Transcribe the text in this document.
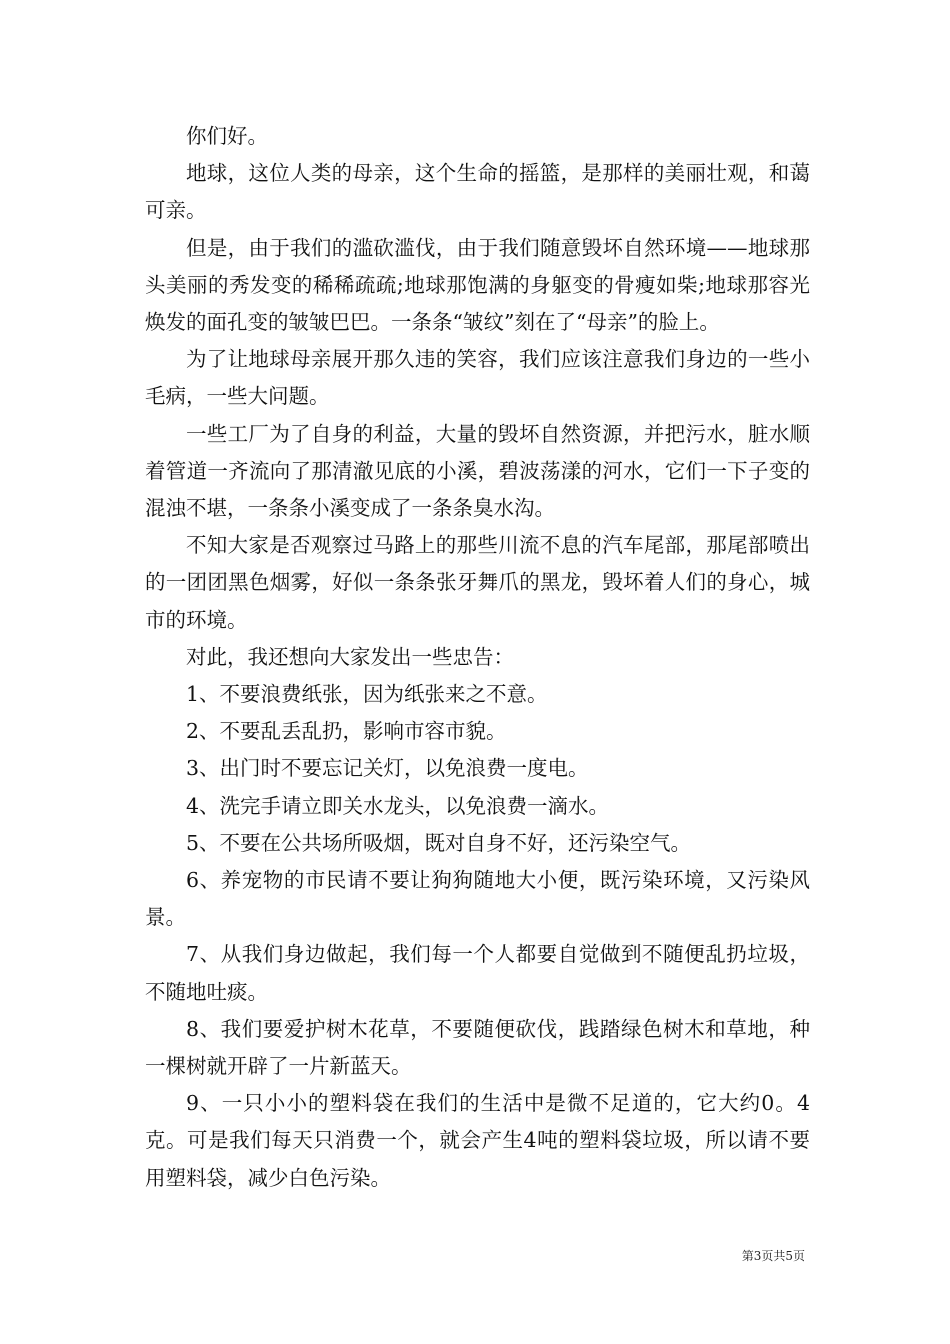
你们好。

地球，这位人类的母亲，这个生命的摇篮，是那样的美丽壮观，和蔼可亲。

但是，由于我们的滥砍滥伐，由于我们随意毁坏自然环境——地球那头美丽的秀发变的稀稀疏疏;地球那饱满的身躯变的骨瘦如柴;地球那容光焕发的面孔变的皱皱巴巴。一条条“皱纹”刻在了“母亲”的脸上。

为了让地球母亲展开那久违的笑容，我们应该注意我们身边的一些小毛病，一些大问题。

一些工厂为了自身的利益，大量的毁坏自然资源，并把污水，脏水顺着管道一齐流向了那清澈见底的小溪，碧波荡漾的河水，它们一下子变的混浊不堪，一条条小溪变成了一条条臭水沟。

不知大家是否观察过马路上的那些川流不息的汽车尾部，那尾部喷出的一团团黑色烟雾，好似一条条张牙舞爪的黑龙，毁坏着人们的身心，城市的环境。

对此，我还想向大家发出一些忠告：

1、不要浪费纸张，因为纸张来之不意。

2、不要乱丢乱扔，影响市容市貌。

3、出门时不要忘记关灯，以免浪费一度电。

4、洗完手请立即关水龙头，以免浪费一滴水。

5、不要在公共场所吸烟，既对自身不好，还污染空气。

6、养宠物的市民请不要让狗狗随地大小便，既污染环境，又污染风景。

7、从我们身边做起，我们每一个人都要自觉做到不随便乱扔垃圾，不随地吐痰。

8、我们要爱护树木花草，不要随便砍伐，践踏绿色树木和草地，种一棵树就开辟了一片新蓝天。

9、一只小小的塑料袋在我们的生活中是微不足道的，它大约0。4克。可是我们每天只消费一个，就会产生4吨的塑料袋垃圾，所以请不要用塑料袋，减少白色污染。

第3页共5页
